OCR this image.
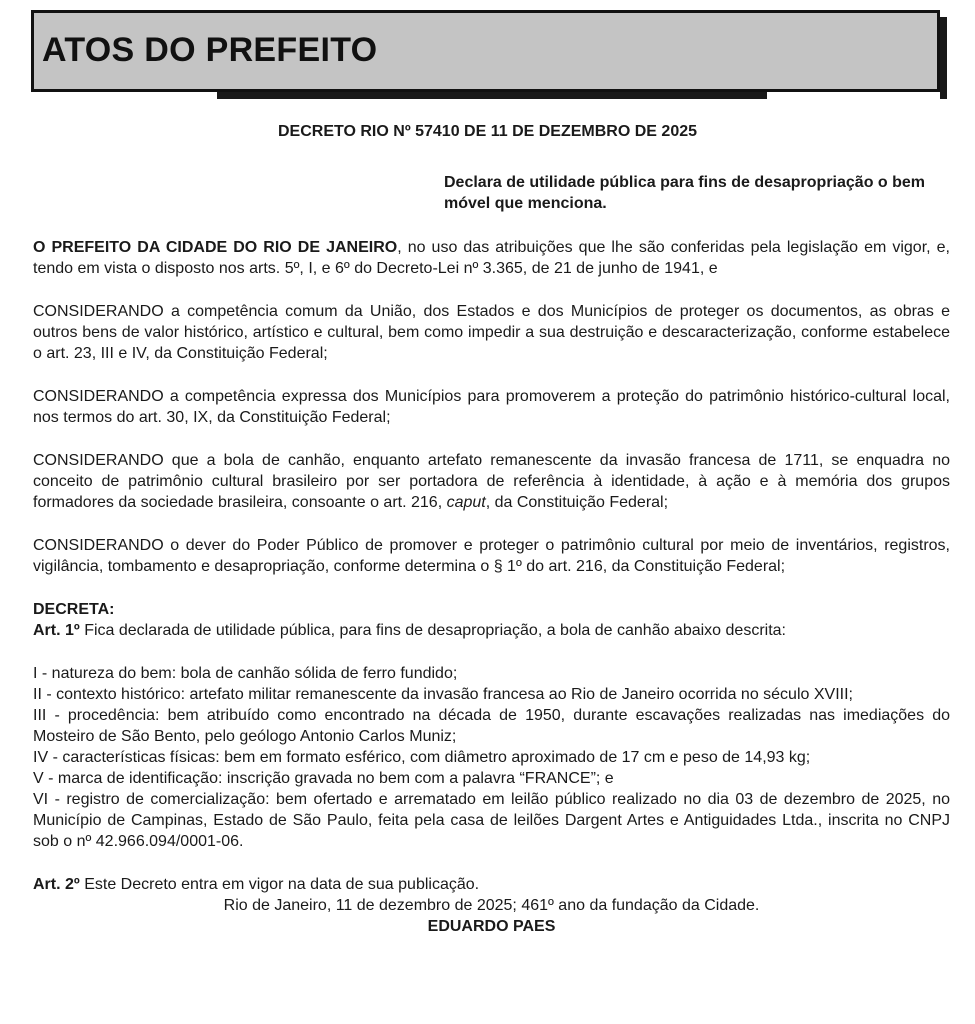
ATOS DO PREFEITO

DECRETO RIO Nº 57410 DE 11 DE DEZEMBRO DE 2025

Declara de utilidade pública para fins de desapropriação o bem móvel que menciona.

O PREFEITO DA CIDADE DO RIO DE JANEIRO, no uso das atribuições que lhe são conferidas pela legislação em vigor, e, tendo em vista o disposto nos arts. 5º, I, e 6º do Decreto-Lei nº 3.365, de 21 de junho de 1941, e

CONSIDERANDO a competência comum da União, dos Estados e dos Municípios de proteger os documentos, as obras e outros bens de valor histórico, artístico e cultural, bem como impedir a sua destruição e descaracterização, conforme estabelece o art. 23, III e IV, da Constituição Federal;

CONSIDERANDO a competência expressa dos Municípios para promoverem a proteção do patrimônio histórico-cultural local, nos termos do art. 30, IX, da Constituição Federal;

CONSIDERANDO que a bola de canhão, enquanto artefato remanescente da invasão francesa de 1711, se enquadra no conceito de patrimônio cultural brasileiro por ser portadora de referência à identidade, à ação e à memória dos grupos formadores da sociedade brasileira, consoante o art. 216, caput, da Constituição Federal;

CONSIDERANDO o dever do Poder Público de promover e proteger o patrimônio cultural por meio de inventários, registros, vigilância, tombamento e desapropriação, conforme determina o § 1º do art. 216, da Constituição Federal;

DECRETA:

Art. 1º Fica declarada de utilidade pública, para fins de desapropriação, a bola de canhão abaixo descrita:

I - natureza do bem: bola de canhão sólida de ferro fundido;

II - contexto histórico: artefato militar remanescente da invasão francesa ao Rio de Janeiro ocorrida no século XVIII;

III - procedência: bem atribuído como encontrado na década de 1950, durante escavações realizadas nas imediações do Mosteiro de São Bento, pelo geólogo Antonio Carlos Muniz;

IV - características físicas: bem em formato esférico, com diâmetro aproximado de 17 cm e peso de 14,93 kg;

V - marca de identificação: inscrição gravada no bem com a palavra “FRANCE”; e

VI - registro de comercialização: bem ofertado e arrematado em leilão público realizado no dia 03 de dezembro de 2025, no Município de Campinas, Estado de São Paulo, feita pela casa de leilões Dargent Artes e Antiguidades Ltda., inscrita no CNPJ sob o nº 42.966.094/0001-06.

Art. 2º Este Decreto entra em vigor na data de sua publicação.

Rio de Janeiro, 11 de dezembro de 2025; 461º ano da fundação da Cidade.

EDUARDO PAES
